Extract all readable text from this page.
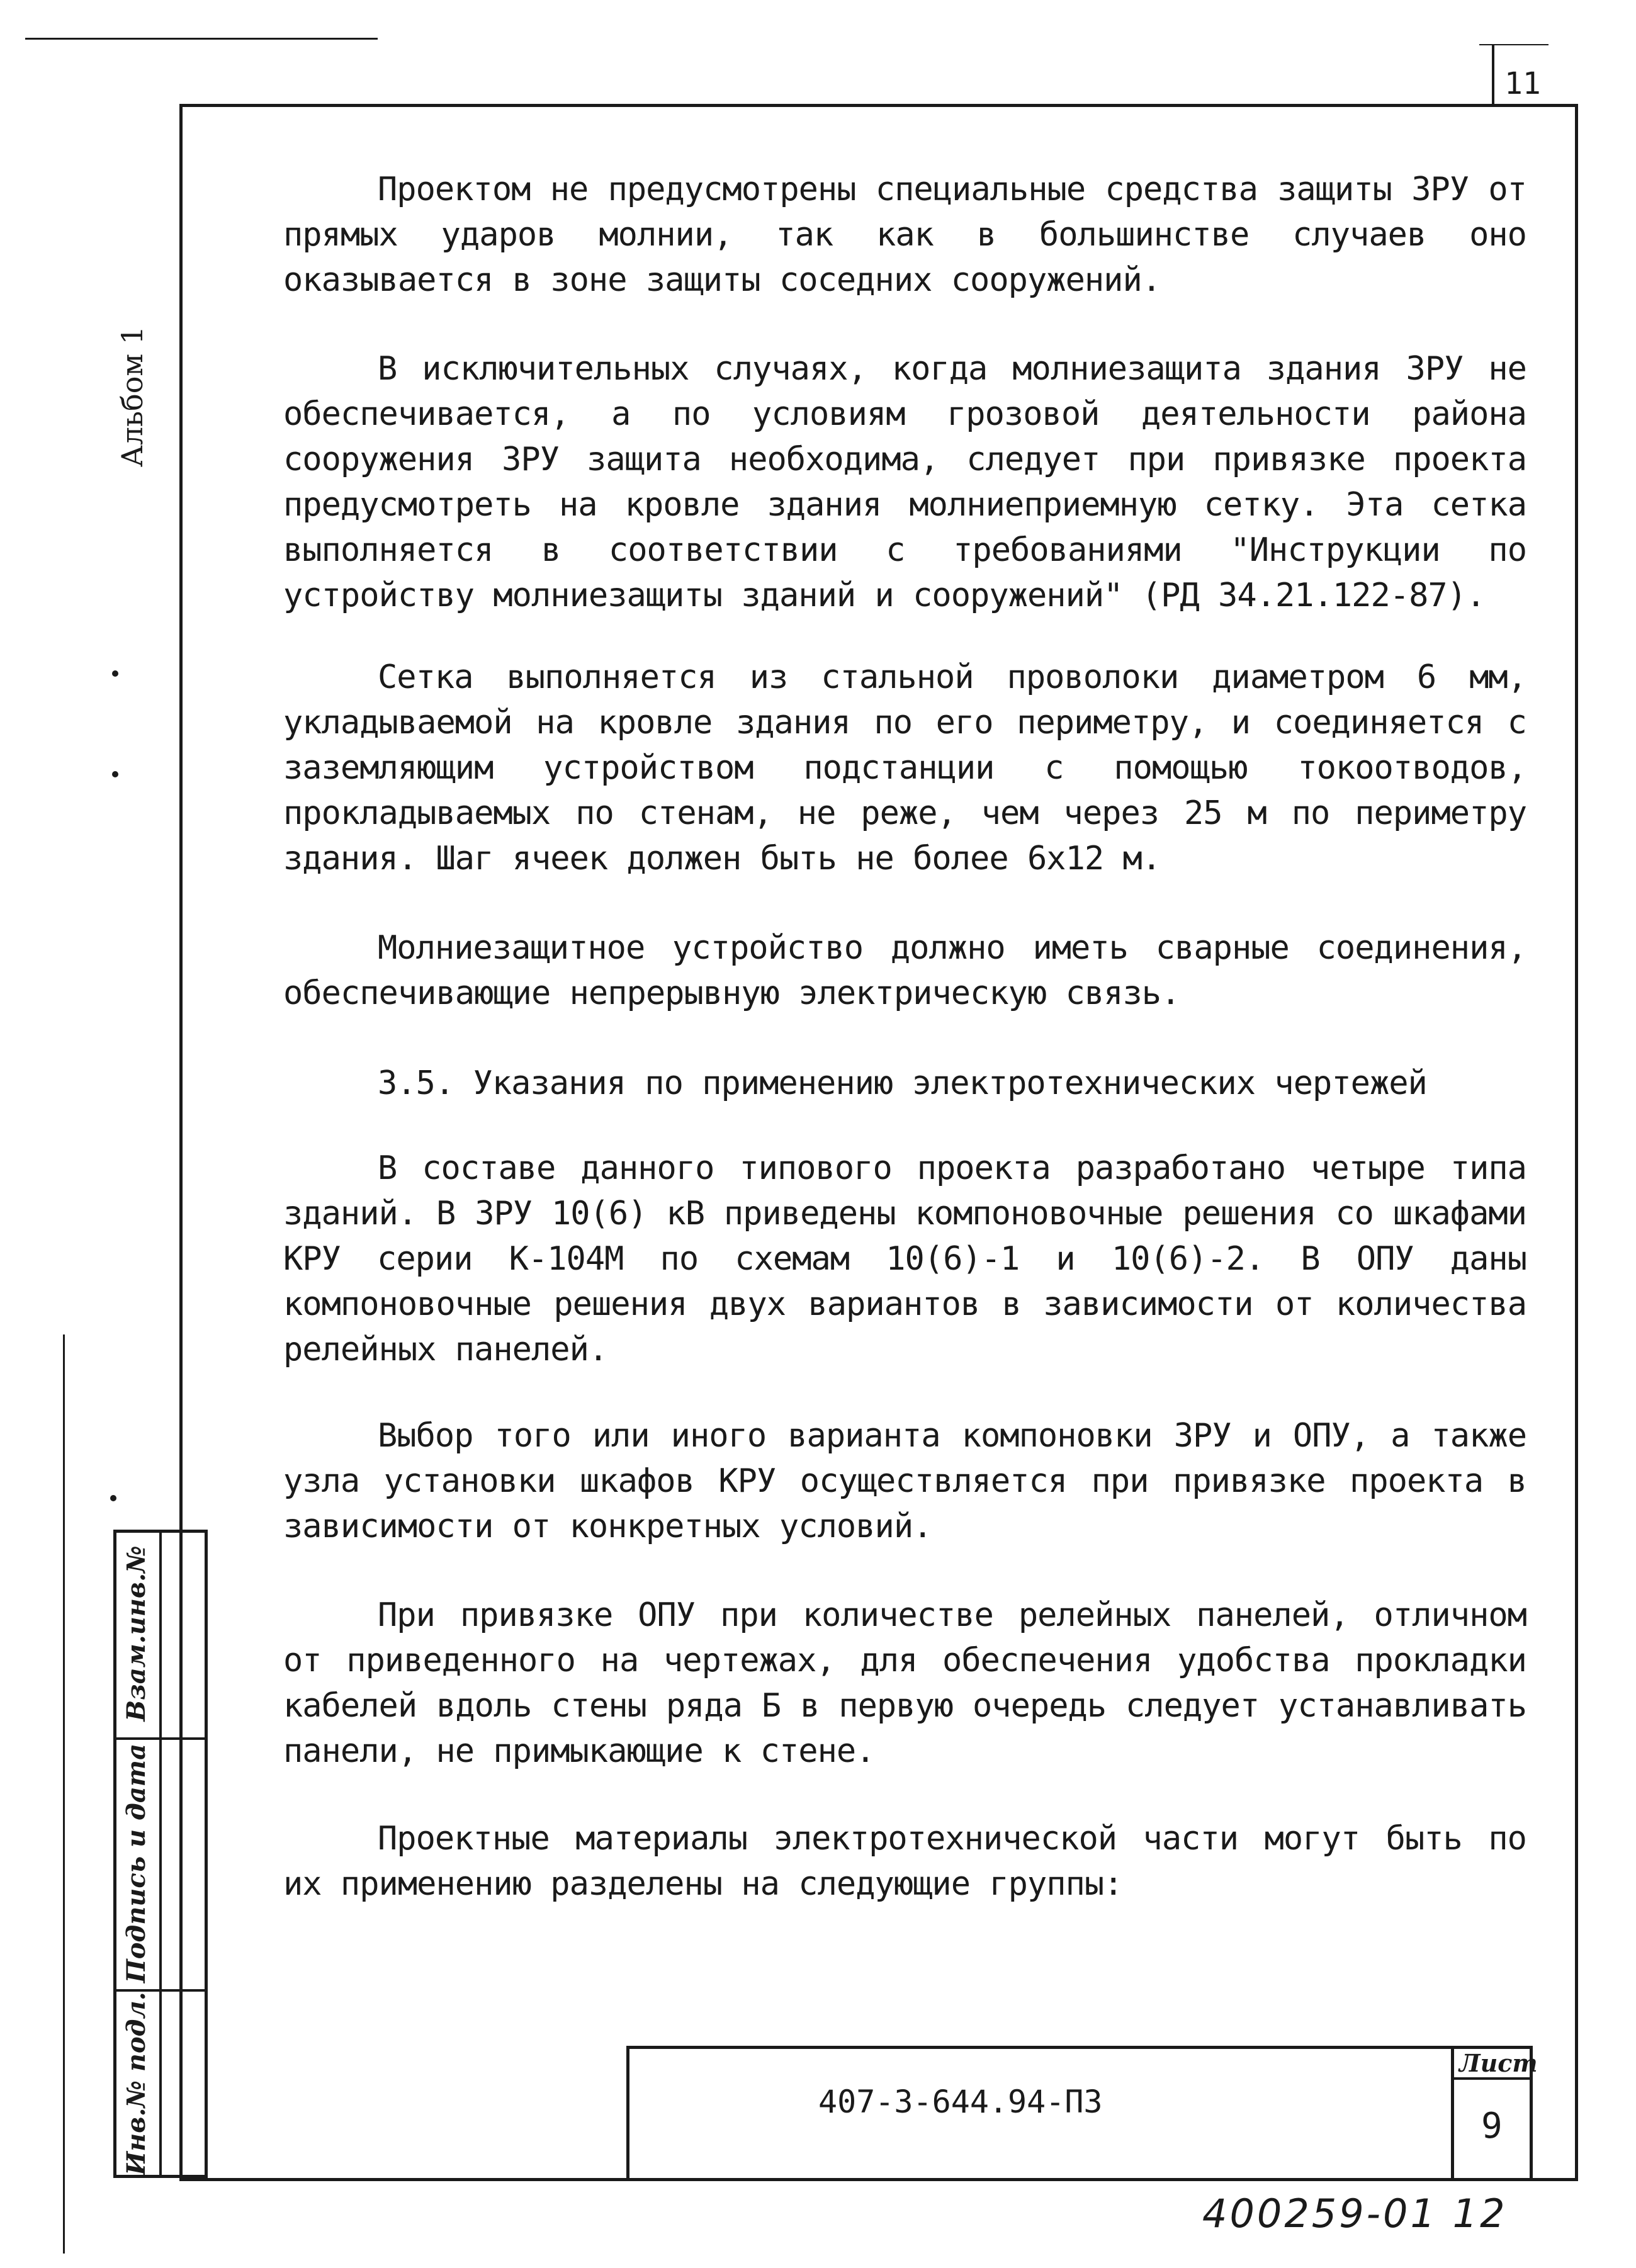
11
Альбом 1
Взам.инв.№
Подпись и дата
Инв.№ подл.

Проектом не предусмотрены специальные средства защиты ЗРУ от прямых ударов молнии, так как в большинстве случаев оно оказывается в зоне защиты соседних сооружений.

В исключительных случаях, когда молниезащита здания ЗРУ не обеспечивается, а по условиям грозовой деятельности района сооружения ЗРУ защита необходима, следует при привязке проекта предусмотреть на кровле здания молниеприемную сетку. Эта сетка выполняется в соответствии с требованиями "Инструкции по устройству молниезащиты зданий и сооружений" (РД 34.21.122-87).

Сетка выполняется из стальной проволоки диаметром 6 мм, укладываемой на кровле здания по его периметру, и соединяется с заземляющим устройством подстанции с помощью токоотводов, прокладываемых по стенам, не реже, чем через 25 м по периметру здания. Шаг ячеек должен быть не более 6х12 м.

Молниезащитное устройство должно иметь сварные соединения, обеспечивающие непрерывную электрическую связь.

3.5. Указания по применению электротехнических чертежей

В составе данного типового проекта разработано четыре типа зданий. В ЗРУ 10(6) кВ приведены компоновочные решения со шкафами КРУ серии К-104М по схемам 10(6)-1 и 10(6)-2. В ОПУ даны компоновочные решения двух вариантов в зависимости от количества релейных панелей.

Выбор того или иного варианта компоновки ЗРУ и ОПУ, а также узла установки шкафов КРУ осуществляется при привязке проекта в зависимости от конкретных условий.

При привязке ОПУ при количестве релейных панелей, отличном от приведенного на чертежах, для обеспечения удобства прокладки кабелей вдоль стены ряда Б в первую очередь следует устанавливать панели, не примыкающие к стене.

Проектные материалы электротехнической части могут быть по их применению разделены на следующие группы:

407-3-644.94-ПЗ
Лист
9
400259-01 12
